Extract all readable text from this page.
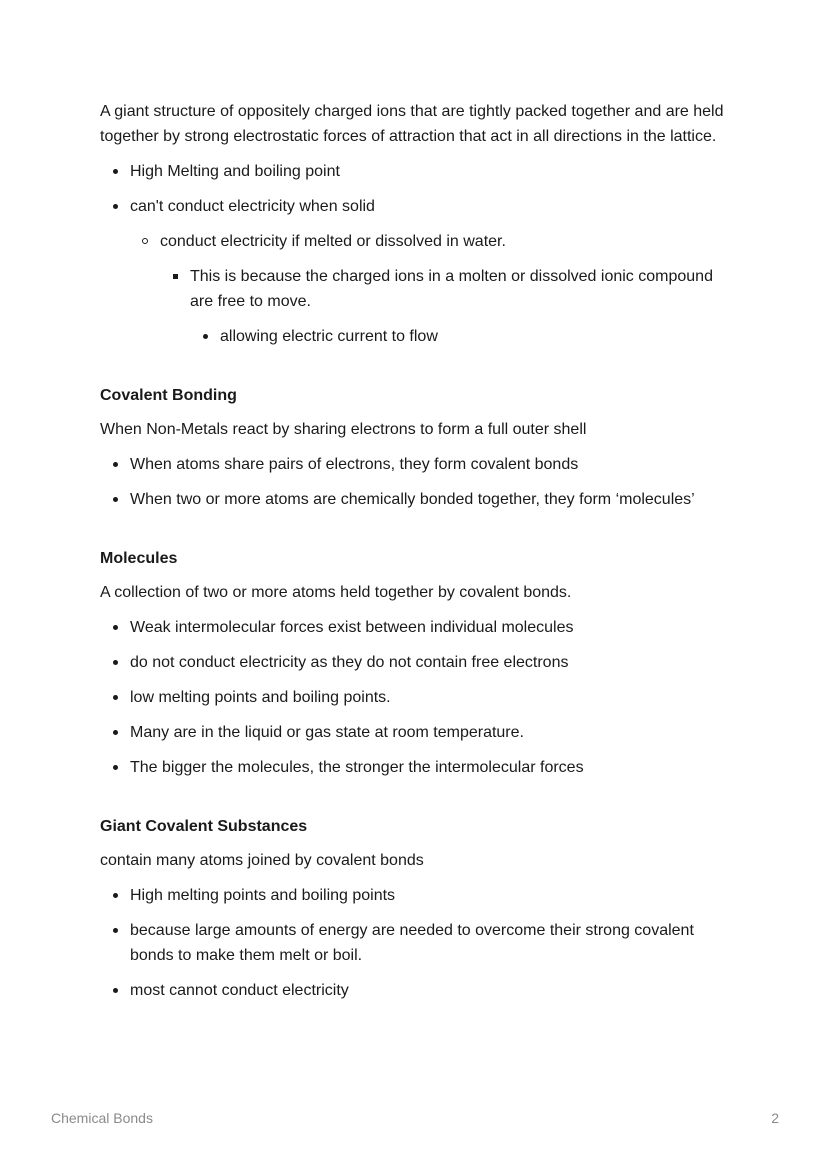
A giant structure of oppositely charged ions that are tightly packed together and are held together by strong electrostatic forces of attraction that act in all directions in the lattice.

High Melting and boiling point
can't conduct electricity when solid
conduct electricity if melted or dissolved in water.
This is because the charged ions in a molten or dissolved ionic compound are free to move.
allowing electric current to flow

Covalent Bonding

When Non-Metals react by sharing electrons to form a full outer shell

When atoms share pairs of electrons, they form covalent bonds
When two or more atoms are chemically bonded together, they form ‘molecules’

Molecules

A collection of two or more atoms held together by covalent bonds.

Weak intermolecular forces exist between individual molecules
do not conduct electricity as they do not contain free electrons
low melting points and boiling points.
Many are in the liquid or gas state at room temperature.
The bigger the molecules, the stronger the intermolecular forces

Giant Covalent Substances

contain many atoms joined by covalent bonds

High melting points and boiling points
because large amounts of energy are needed to overcome their strong covalent bonds to make them melt or boil.
most cannot conduct electricity
Chemical Bonds	2
